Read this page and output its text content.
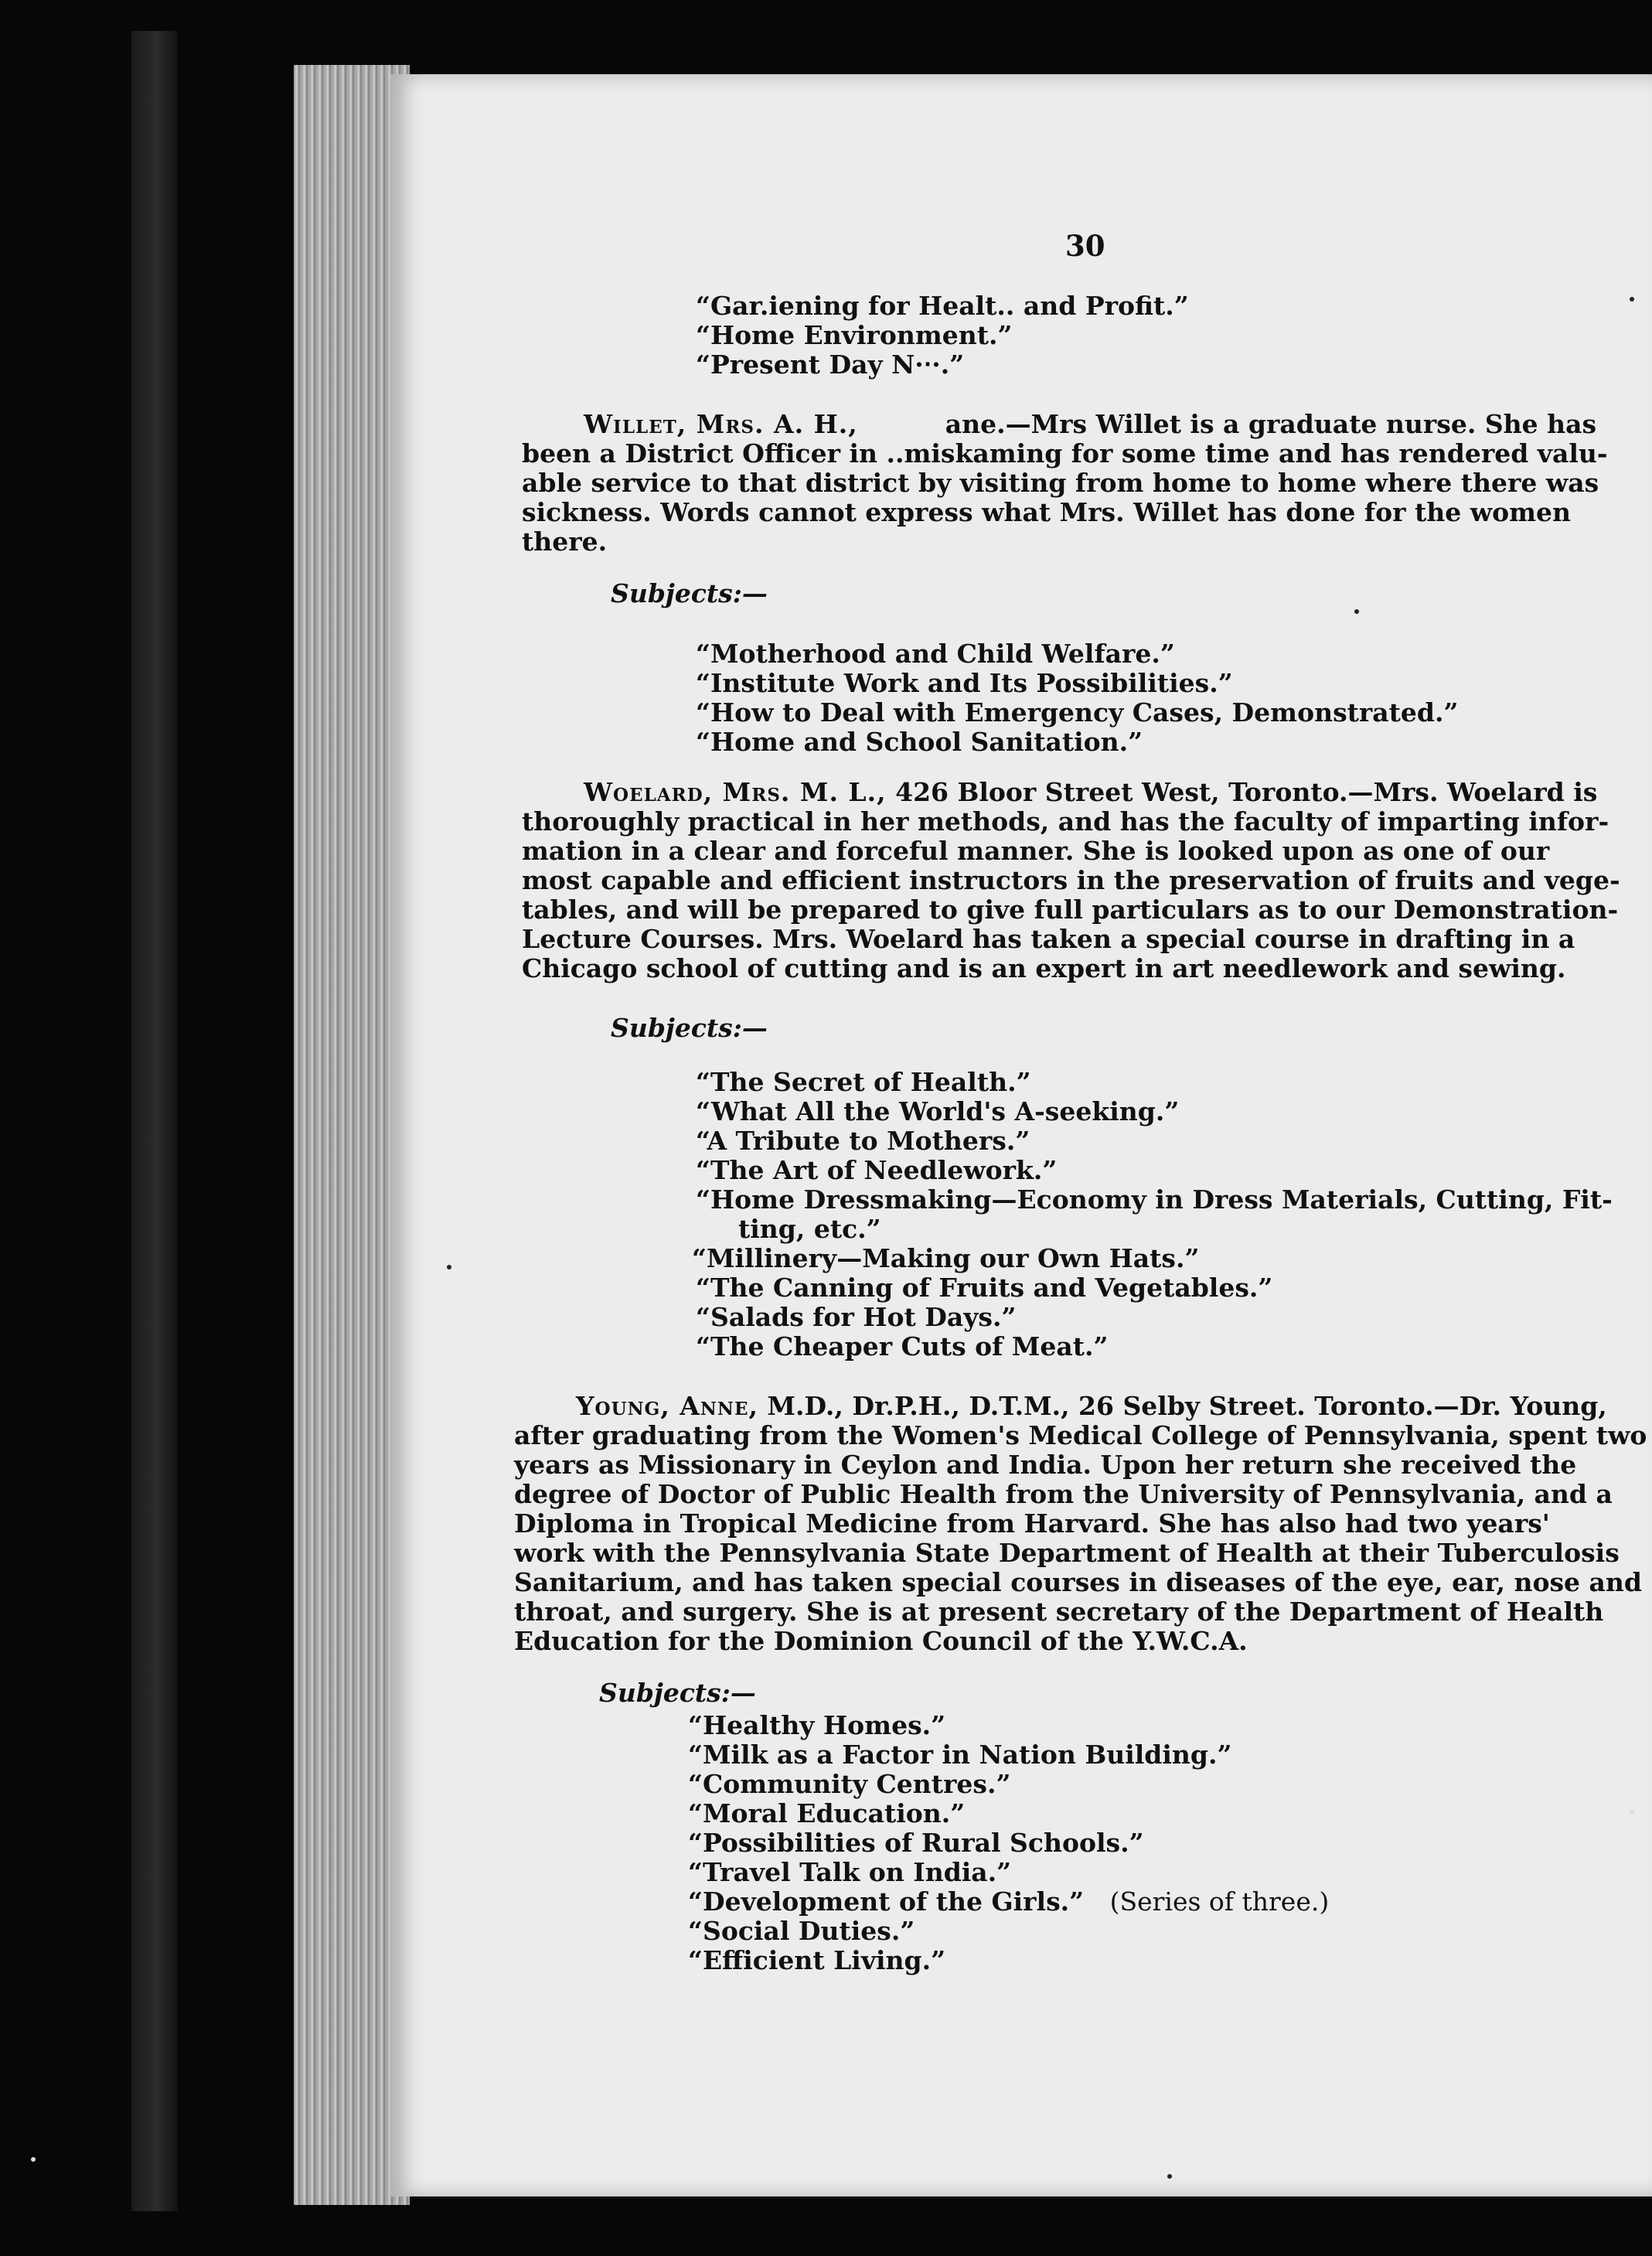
30
“Gar.iening for Healt.. and Profit.”
“Home Environment.”
“Present Day N·‧·.”
Willet, Mrs. A. H.,	ane.—Mrs Willet is a graduate nurse. She has
been a District Officer in ..miskaming for some time and has rendered valu-
able service to that district by visiting from home to home where there was
sickness. Words cannot express what Mrs. Willet has done for the women
there.
Subjects:—
“Motherhood and Child Welfare.”
“Institute Work and Its Possibilities.”
“How to Deal with Emergency Cases, Demonstrated.”
“Home and School Sanitation.”
Woelard, Mrs. M. L., 426 Bloor Street West, Toronto.—Mrs. Woelard is
thoroughly practical in her methods, and has the faculty of imparting infor-
mation in a clear and forceful manner. She is looked upon as one of our
most capable and efficient instructors in the preservation of fruits and vege-
tables, and will be prepared to give full particulars as to our Demonstration-
Lecture Courses. Mrs. Woelard has taken a special course in drafting in a
Chicago school of cutting and is an expert in art needlework and sewing.
Subjects:—
“The Secret of Health.”
“What All the World's A-seeking.”
“A Tribute to Mothers.”
“The Art of Needlework.”
“Home Dressmaking—Economy in Dress Materials, Cutting, Fit-
ting, etc.”
“Millinery—Making our Own Hats.”
“The Canning of Fruits and Vegetables.”
“Salads for Hot Days.”
“The Cheaper Cuts of Meat.”
Young, Anne, M.D., Dr.P.H., D.T.M., 26 Selby Street. Toronto.—Dr. Young,
after graduating from the Women's Medical College of Pennsylvania, spent two
years as Missionary in Ceylon and India. Upon her return she received the
degree of Doctor of Public Health from the University of Pennsylvania, and a
Diploma in Tropical Medicine from Harvard. She has also had two years'
work with the Pennsylvania State Department of Health at their Tuberculosis
Sanitarium, and has taken special courses in diseases of the eye, ear, nose and
throat, and surgery. She is at present secretary of the Department of Health
Education for the Dominion Council of the Y.W.C.A.
Subjects:—
“Healthy Homes.”
“Milk as a Factor in Nation Building.”
“Community Centres.”
“Moral Education.”
“Possibilities of Rural Schools.”
“Travel Talk on India.”
“Development of the Girls.” (Series of three.)
“Social Duties.”
“Efficient Living.”
